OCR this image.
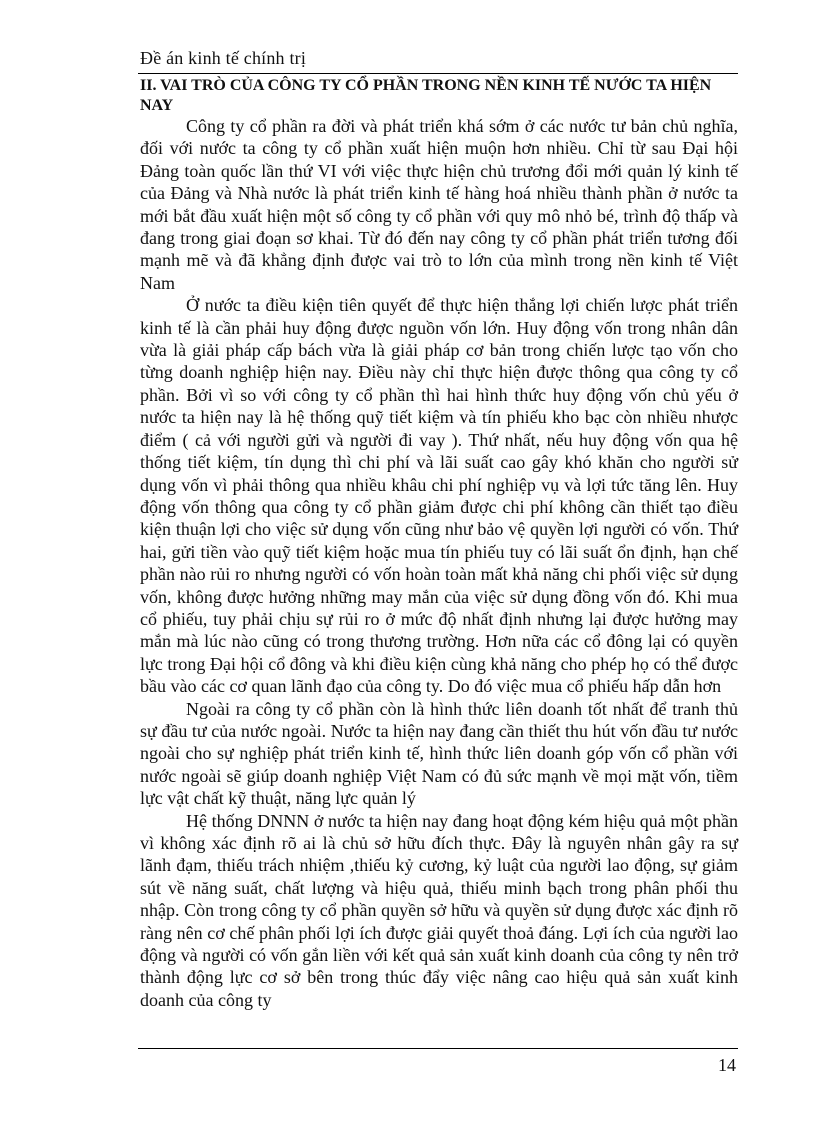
Đề án kinh tế chính trị
II. VAI TRÒ CỦA CÔNG TY CỔ PHẦN TRONG NỀN KINH TẾ NƯỚC TA HIỆN NAY

Công ty cổ phần ra đời và phát triển khá sớm ở các nước tư bản chủ nghĩa, đối với nước ta công ty cổ phần xuất hiện muộn hơn nhiều. Chỉ từ sau Đại hội Đảng toàn quốc lần thứ VI với việc thực hiện chủ trương đổi mới quản lý kinh tế của Đảng và Nhà nước là phát triển kinh tế hàng hoá nhiều thành phần ở nước ta mới bắt đầu xuất hiện một số công ty cổ phần với quy mô nhỏ bé, trình độ thấp và đang trong giai đoạn sơ khai. Từ đó đến nay công ty cổ phần phát triển tương đối mạnh mẽ và đã khẳng định được vai trò to lớn của mình trong nền kinh tế Việt Nam

Ở nước ta điều kiện tiên quyết để thực hiện thắng lợi chiến lược phát triển kinh tế là cần phải huy động được nguồn vốn lớn. Huy động vốn trong nhân dân vừa là giải pháp cấp bách vừa là giải pháp cơ bản trong chiến lược tạo vốn cho từng doanh nghiệp hiện nay. Điều này chỉ thực hiện được thông qua công ty cổ phần. Bởi vì so với công ty cổ phần thì hai hình thức huy động vốn chủ yếu ở nước ta hiện nay là hệ thống quỹ tiết kiệm và tín phiếu kho bạc còn nhiều nhược điểm ( cả với người gửi và người đi vay ). Thứ nhất, nếu huy động vốn qua hệ thống tiết kiệm, tín dụng thì chi phí và lãi suất cao gây khó khăn cho người sử dụng vốn vì phải thông qua nhiều khâu chi phí nghiệp vụ và lợi tức tăng lên. Huy động vốn thông qua công ty cổ phần giảm được chi phí không cần thiết tạo điều kiện thuận lợi cho việc sử dụng vốn cũng như bảo vệ quyền lợi người có vốn. Thứ hai, gửi tiền vào quỹ tiết kiệm hoặc mua tín phiếu tuy có lãi suất ổn định, hạn chế phần nào rủi ro nhưng người có vốn hoàn toàn mất khả năng chi phối việc sử dụng vốn, không được hưởng những may mắn của việc sử dụng đồng vốn đó. Khi mua cổ phiếu, tuy phải chịu sự rủi ro ở mức độ nhất định nhưng lại được hưởng may mắn mà lúc nào cũng có trong thương trường. Hơn nữa các cổ đông lại có quyền lực trong Đại hội cổ đông và khi điều kiện cùng khả năng cho phép họ có thể được bầu vào các cơ quan lãnh đạo của công ty. Do đó việc mua cổ phiếu hấp dẫn hơn

Ngoài ra công ty cổ phần còn là hình thức liên doanh tốt nhất để tranh thủ sự đầu tư của nước ngoài. Nước ta hiện nay đang cần thiết thu hút vốn đầu tư nước ngoài cho sự nghiệp phát triển kinh tế, hình thức liên doanh góp vốn cổ phần với nước ngoài sẽ giúp doanh nghiệp Việt Nam có đủ sức mạnh về mọi mặt vốn, tiềm lực vật chất kỹ thuật, năng lực quản lý

Hệ thống DNNN ở nước ta hiện nay đang hoạt động kém hiệu quả một phần vì không xác định rõ ai là chủ sở hữu đích thực. Đây là nguyên nhân gây ra sự lãnh đạm, thiếu trách nhiệm ,thiếu kỷ cương, kỷ luật của người lao động, sự giảm sút về năng suất, chất lượng và hiệu quả, thiếu minh bạch trong phân phối thu nhập. Còn trong công ty cổ phần quyền sở hữu và quyền sử dụng được xác định rõ ràng nên cơ chế phân phối lợi ích được giải quyết thoả đáng. Lợi ích của người lao động và người có vốn gắn liền với kết quả sản xuất kinh doanh của công ty nên trở thành động lực cơ sở bên trong thúc đẩy việc nâng cao hiệu quả sản xuất kinh doanh của công ty

14
